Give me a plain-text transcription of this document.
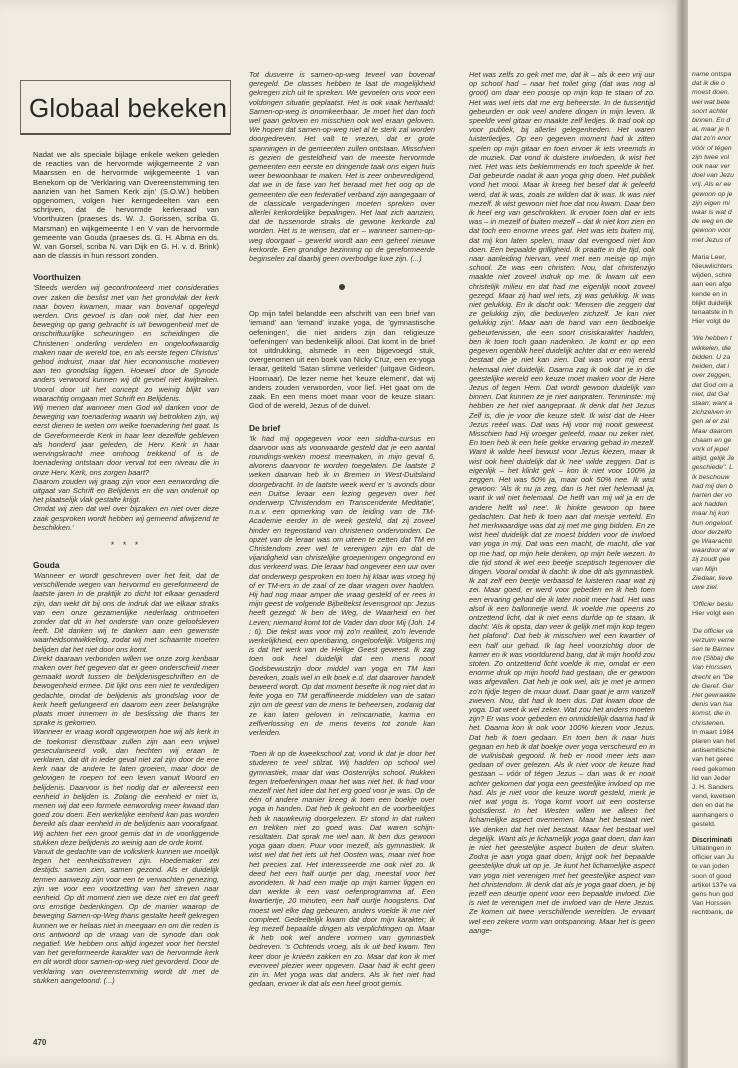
Globaal bekeken

Nadat we als speciale bijlage enkele weken geleden de reacties van de hervormde wijkgemeente 2 van Maarssen en de hervormde wijkgemeente 1 van Benekom op de 'Verklaring van Overeenstemming ten aanzien van het Samen Kerk zijn' (S.O.W.) hebben opgenomen, volgen hier kerngedeelten van een schrijven, dat de hervormde kerkeraad van Voorthuizen (praeses ds. W. J. Gorissen, scriba G. Marsman) en wijkgemeente I en V van de hervormde gemeente van Gouda (praeses ds. G. H. Abma en ds. W. van Gorsel, scriba N. van Dijk en G. H. v. d. Brink) aan de classis in hun ressort zonden.

Voorthuizen

'Steeds werden wij geconfronteerd met consideraties over zaken die beslist met van het grondvlak der kerk naar boven kwamen, maar van bovenaf opgelegd werden. Ons gevoel is dan ook niet, dat hier een beweging op gang gebracht is uit bewogenheid met de onschriftuurlijke scheuringen en scheidingen die Christenen onderling verdelen en ongeloofwaardig maken naar de wereld toe, en als eerste tegen Christus' gebod indruist, maar dat hier economische motieven aan ten grondslag liggen. Hoewel door de Synode anders verwoord kunnen wij dit gevoel niet kwijtraken. Voorol door uit het concept zo weinig blijkt van waarachtig omgaan met Schrift en Belijdenis.

Wij menen dat wanneer men God wil danken voor de beweging van toenadering waarin wij betrokken zijn, wij eerst dienen te weten om welke toenadering het gaat. Is de Gereformeerde Kerk in haar leer dezelfde gebleven als honderd jaar geleden, de Herv. Kerk in haar wervingskracht mee omhoog trekkend of is de toenadering ontstaan door verval tot een niveau die in onze Herv. Kerk, ons zorgen baart?

Daarom zouden wij graag zijn voor een eenwording die uitgaat van Schrift en Belijdenis en die van onderuit op het plaatselijk vlak gestalte krijgt.

Omdat wij zien dat wel over bijzaken en niet over deze zaak gesproken wordt hebben wij gemeend afwijzend te beschikken.'

* * *

Gouda

'Wanneer er wordt geschreven over het feit, dat de verschillende wegen van hervormd en gereformeerd de laatste jaren in de praktijk zo dicht tot elkaar genaderd zijn, dan wekt dit bij ons de indruk dat we elkaar straks van een onze gezamenlijke nederlaag ontmoeten zonder dat dit in het onderste van onze geloofsleven leeft. Dit danken wij te danken aan een gewenste waarheidsontwikkeling, zodat wij met schaamte moeten belijden dat het niet door ons komt.

Direkt daaraan verbonden willen we onze zorg kenbaar maken over het gegeven dat er geen onderscheid meer gemaakt wordt tussen de belijdenisgeschriften en de bewogenheid ermee. Dit lijkt ons een niet te verdedigen gedachte, omdat de belijdenis als grondslag voor de kerk heeft gefungeerd en daarom een zeer belangrijke plaats moet innemen in de beslissing die thans ter sprake is gekomen.

Wanneer er vraag wordt opgeworpen hoe wij als kerk in de toekomst dienstbaar zullen zijn aan een vrijwel geseculariseerd volk, dan hechten wij eraan te verklaren, dat dit in ieder geval niet zal zijn door de ene kerk naar de andere te laten groeien, maar door de gelovigen te roepen tot een leven vanuit Woord en belijdenis. Daarvoor is het nodig dat er allereerst een eenheid in belijden is. Zolang die eenheid er niet is, menen wij dat een formele eenwording meer kwaad dan goed zou doen. Een werkelijke eenheid kan pas worden bereikt als daar eenheid in de belijdenis aan voorafgaat. Wij achten het een groot gemis dat in de voorliggende stukken deze belijdenis zo weinig aan de orde komt.

Vanuit de gedachte van de volkskerk kunnen we moeilijk tegen het eenheidsstreven zijn. Hoedemaker zei destijds: samen zien, samen gezond. Als er duidelijk termen aanwezig zijn voor een te verwachten genezing, zijn we voor een voortzetting van het streven naar eenheid. Op dit moment zien we deze niet en dat geeft ons ernstige bedenkingen. Op de manier waarop de beweging Samen-op-Weg thans gestalte heeft gekregen kunnen we er helaas niet in meegaan en om die reden is ons antwoord op de vraag van de synode dan ook negatief. We hebben ons altijd ingezet voor het herstel van het gereformeerde karakter van de hervormde kerk en dit wordt door samen-op-weg niet gevorderd. Door de verklaring van overeenstemming wordt dit met de stukken aangetoond. (...)

Tot dusverre is samen-op-weg teveel van bovenaf geregeld. De classes hebben te laat de mogelijkheid gekregen zich uit te spreken. We gevoelen ons voor een voldongen situatie geplaatst. Het is ook vaak herhaald: Samen-op-weg is onomkeerbaar. Je moet het dan toch wel gaan geloven en misschien ook wel eraan geloven. We hopen dat samen-op-weg niet al te sterk zal worden doorgedreven. Het valt te vrezen, dat er grote spanningen in de gemeenten zullen ontstaan. Misschien is gezien de gesteldheid van de meeste hervormde gemeenten een eerste en dringende taak ons eigen huis weer bewoonbaar te maken. Het is zeer onbevredigend, dat we in de fase van het beraad met het oog op de gemeenten die een federatief verband zijn aangegaan of de classicale vergaderingen moeten spreken over allerlei kerkordelijke bepalingen. Het laat zich aanzien, dat de tussenorde straks de gewone kerkorde zal worden. Het is te wensen, dat er – wanneer samen-op-weg doorgaat – gewerkt wordt aan een geheel nieuwe kerkorde. Een grondige bezinning op de gereformeerde beginselen zal daarbij geen overbodige luxe zijn. (...)

Op mijn tafel belandde een afschrift van een brief van 'iemand' aan 'iemand' inzake yoga, de 'gymnastische oefeningen', die niet anders zijn dan religieuze 'oefeningen' van bedenkelijk allooi. Dat komt in de brief tot uitdrukking, alsmede in een bijgevoegd stuk, overgenomen uit een boek van Nicky Cruz, een ex-yoga leraar, getiteld 'Satan slimme verleider' (uitgave Gideon, Hoornaar). De lezer neme het 'keuze element', dat wij anders zouden verwoorden, voor lief. Het gaat om de zaak. En een mens moet maar voor de keuze staan: God of de wereld, Jezus of de duivel.

De brief

'Ik had mij opgegeven voor een siddha-cursus en daarvoor was als voorwaarde gesteld dat je een aantal roundings-weken moest meemaken, in mijn geval 6, alvorens daarvoor te worden toegelaten. De laatste 2 weken daarvan heb ik in Bremen in West-Duitsland doorgebracht. In de laatste week werd er 's avonds door een Duitse leraar een lezing gegeven over het onderwerp 'Christendom en Transcendente Meditatie', n.a.v. een opmerking van de leiding van de TM-Academie eerder in de week gesteld, dat zij zoveel hinder en tegenstand van christenen ondervonden. De opzet van de leraar was om uiteen te zetten dat TM en Christendom zeer wel te verenigen zijn en dat de vijandigheid van christelijke groeperingen ongegrond en dus verkeerd was. Die leraar had ongeveer een uur over dat onderwerp gesproken en toen hij klaar was vroeg hij of er TM-ers in de zaal of ze daar vragen over hadden. Hij had nog maar amper die vraag gesteld of er rees in mijn geest de volgende Bijbeltekst levensgroot op: Jezus heeft gezegd: Ik ben de Weg, de Waarheid en het Leven; niemand komt tot de Vader dan door Mij (Joh. 14 : 6). Die tekst was voor mij zo'n realiteit, zo'n levende werkelijkheid, een openbaring, ongeloofelijk. Volgens mij is dat het werk van de Heilige Geest geweest. Ik zag toen ook heel duidelijk dat een mens nooit Godsbewustzijn door middel van yoga en TM kan bereiken, zoals wel in elk boek e.d. dat daarover handelt beweerd wordt. Op dat moment besefte ik nog niet dat in feite yoga en TM geraffineerde middelen van de satan zijn om de geest van de mens te beheersen, zodanig dat ze kan laten geloven in reïncarnatie, karma en zelfverlossing en de mens tevens tot zonde kan verleiden.

'Toen ik op de kweekschool zat, vond ik dat je door het studeren te veel stilzat. Wij hadden op school wel gymnastiek, maar dat was Oostenrijks school. Rukken tegen trefoefeningen maar het was niet het. Ik had voor mezelf niet het idee dat het erg goed voor je was. Op de één of andere manier kreeg ik toen een boekje over yoga in handen. Dat heb ik gekocht en de voorbeeldjes heb ik nauwkeurig doorgelezen. Er stond in dat ruiken en trekken niet zo goed was. Dat waren schijn-resultaten. Dat sprak me wel aan. Ik ben dus gewoon yoga gaan doen. Puur voor mezelf, als gymnastiek. Ik wist wel dat het iets uit het Oosten was, maar niet hoe het precies zat. Het interesseerde me ook niet zo. Ik deed het een half uurtje per dag, meestal voor het avondeten. Ik had een matje op mijn kamer liggen en dan werkte ik een vast oefenprogramma af. Een kwartiertje, 20 minuten, een half uurtje hoogstens. Dat moest wel elke dag gebeuren, anders voelde ik me niet compleet. Gedeeltelijk kwam dat door mijn karakter; ik leg mezelf bepaalde dingen als verplichtingen op. Maar ik heb ook wel andere vormen van gymnastiek bedreven. 's Ochtends vroeg, als ik uit bed kwam. Ten keer door je knieën zakken en zo. Maar dat kon ik met evenveel plezier weer opgeven. Daar had ik echt geen zin in. Met yoga was dat anders. Als ik het niet had gedaan, ervoer ik dat als een heel groot gemis.

Het was zelfs zo gek met me, dat ik – als ik een vrij uur op school had – naar het toilet ging (dat was nog al groot) om daar een poosje op mijn kop te staan of zo. Het was wel iets dat me erg beheerste. In de tussentijd gebeurden er ook veel andere dingen in mijn leven. Ik speelde veel gitaar en maakte zelf liedjes. Ik trad ook op voor publiek, bij allerlei gelegenheden. Het waren luisterliedjes. Op een gegeven moment had ik zitten spelen op mijn gitaar en toen ervoer ik iets vreemds in de muziek. Dat vond ik duistere invloeden, ik wist het niet. Het was iets beklemmends en toch speelde ik het. Dat gebeurde nadat ik aan yoga ging doen. Het publiek vond het mooi. Maar ik kreeg het besef dat ik geleefd werd, dat ik was, zoals ze wilden dat ik was. Ik was niet mezelf. Ik wist gewoon niet hoe dat nou kwam. Daar ben ik heel erg van geschrokken. Ik ervoer toen dat er iets was – in mezelf of buiten mezelf – dat ik niet kon zien en dat toch een enorme vrees gaf. Het was iets buiten mij, dat mij kon laten spelen, maar dat evengoed niet kon doen. Een bepaalde grilligheid. Ik praatte in die tijd, ook naar aanleiding hiervan, veel met een meisje op mijn school. Ze was een christen. Nou, dat christenzijn maakte niet zoveel indruk op me. Ik kwam uit een christelijk milieu en dat had me eigenlijk nooit zoveel gezegd. Maar zij had wel iets, zij was gelukkig. Ik was niet gelukkig. En ik dacht ook: 'Mensen die zeggen dat ze gelukkig zijn, die beduvelen zichzelf. Je kan niet gelukkig zijn'. Maar aan de hand van een liedboekje gebeurtenissen, die een soort crisiskarakter hadden, ben ik toen toch gaan nadenken. Je komt er op een gegeven ogenblik heel duidelijk achter dat er een wereld bestaat die je niet kan zien. Dat was voor mij eerst helemaal niet duidelijk. Daarna zag ik ook dat je in die geestelijke wereld een keuze moet maken voor de Here Jezus of tegen Hem. Dat wordt gewoon duidelijk van binnen. Dat kunnen ze je niet aanpraten. Tenminste: mij hebben ze het niet aangepraat. Ik denk dat het Jezus Zelf is, die je voor die keuze stelt. Ik wist dat de Heer Jezus reëel was. Dat was Hij voor mij nooit geweest. Misschien had Hij vroeger geleefd, maar nu zeker niet. En toen heb ik een hele gekke ervaring gehad in mezelf. Want ik wilde heel bewust voor Jezus kiezen, maar ik wist ook heel duidelijk dat ik 'nee' wilde zeggen. Dat is eigenlijk – het klinkt gek – kon ik niet voor 100% ja zeggen. Het was 50% ja, maar ook 50% nee. Ik wist gewoon: 'Als ik nu ja zeg, dan is het niet helemaal ja, want ik wil niet helemaal. De helft van mij wil ja en de andere helft wil nee'. Ik hinkte gewoon op twee gedachten. Dat heb ik toen aan dat meisje verteld. En het merkwaardige was dat zij met me ging bidden. En ze wist heel duidelijk dat ze moest bidden voor de invloed van yoga in mij. Dat was een macht, de macht, die vat op me had, op mijn hele denken, op mijn hele wezen. In die tijd stond ik wel een beetje sceptisch tegenover die dingen. Vooral omdat ik dacht: ik doe dit als gymnastiek. Ik zat zelf een beetje verbaasd te luisteren naar wat zij zei. Maar goed, er werd voor gebeden en ik heb toen een ervaring gehad die ik later nooit meer had. Het was alsof ik een ballonnetje werd. Ik voelde me opeens zo ontzettend licht, dat ik niet eens durfde op te staan. Ik dacht: 'Als ik opsta, dan veer ik gelijk met mijn kop tegen het plafond'. Dat heb ik misschien wel een kwartier of een half uur gehad. Ik lag heel voorzichtig door de kamer en ik was voortdurend bang, dat ik mijn hoofd zou stoten. Zo ontzettend licht voelde ik me, omdat er een enorme druk op mijn hoofd had gestaan, die er gewoon was afgevallen. Dat heb je ook wel, als je met je armen zo'n tijdje tegen de muur duwt. Daar gaat je arm vanzelf zweven. Nou, dat had ik toen dus. Dat kwam door de yoga. Dat weet ik wel zeker. Wat zou het anders moeten zijn? Er was voor gebeden en onmiddellijk daarna had ik het. Daarna kon ik ook voor 100% kiezen voor Jezus. Dat heb ik toen gedaan. En toen ben ik naar huis gegaan en heb ik dat boekje over yoga verscheurd en in de vuilnisbak gegooid. Ik heb er nooit meer iets aan gedaan of over gelezen. Als ik niet voor de keuze had gestaan – vóór of tégen Jezus – dan was ik er nooit achter gekomen dat yoga een geestelijke invloed op me had. Als je niet voor die keuze wordt gesteld, merk je niet wat yoga is. Yoga komt voort uit een oosterse godsdienst. In het Westen willen we alleen het lichamelijke aspect overnemen. Maar het bestaat niet. We denken dat het niet bestaat. Maar het bestaat wel degelijk. Want als je lichamelijk yoga gaat doen, dan kan je niet het geestelijke aspect buiten de deur sluiten. Zodra je aan yoga gaat doen, krijgt ook het bepaalde geestelijke druk uit op je. Je kunt het lichamelijke aspect van yoga niet verenigen met het geestelijke aspect van het christendom. Ik denk dat als je yoga gaat doen, je bij jezelf een deurtje opent voor een bepaalde invloed. Die is niet te verenigen met de invloed van de Here Jezus. Ze komen uit twee verschillende werelden. Je ervaart wel een zekere vorm van ontspanning. Maar het is geen aange-

470

name ontspa

dat ik die o

moest doen.

wel wat bete

soort achter

binnen. En d

al, maar je h

dat zo'n enor

vóór of tégen

zijn twee vol

ook naar ver

doel van Jezu

vrij. Als er ee

gewoon op je

zijn eigen mi

waar is wat d

de weg en de

gewoon voor

met Jezus of

Maria Leer,

Nieuwlichters

wijden, schre

aan een afge

kende en in

blijkt duidelijk

tenaatste in h

Hier volgt de

'We hebben t

wikkelen, die

bidden. U za

heiden, dat i

over zeggen,

dat God om a

niet, dat Gal

staan; want a

zichzelven in

gen al er zal

Maar daarom

chaam en ge

vork of jepel

altijd, gelijk Je

geschiede". L

ik beschouw

had mij den b

harten der vo

ack hadden

maar hij kon

hun ongeloof.

door derzelfo

ge Waarachti

waardoor al w

zij zoudt gee

van Mijn

Ziedaar, lieve

uwe ziel.

'Officier beslu

Hier volgt een

'De officier va

verzuim verne

sen te Barnev

me (Sliba) die

Van Horssen,

drecht en "De

de Geref. Ger

Het gewraakte

denis van Isa

komst, die in

christenen.

In maart 1984

plaren van het

antisemitische

van het gerec

reed gekomen

lid van Jeder

J. H. Sanders

vend, kwetsen

den en dat he

aanhangers o

gesteld.

Discriminati

Uitlatingen in

officier van Ju

te van joden

soon of good

artikel 137e va

gens hun god

Van Horssen

rechtbank, de
